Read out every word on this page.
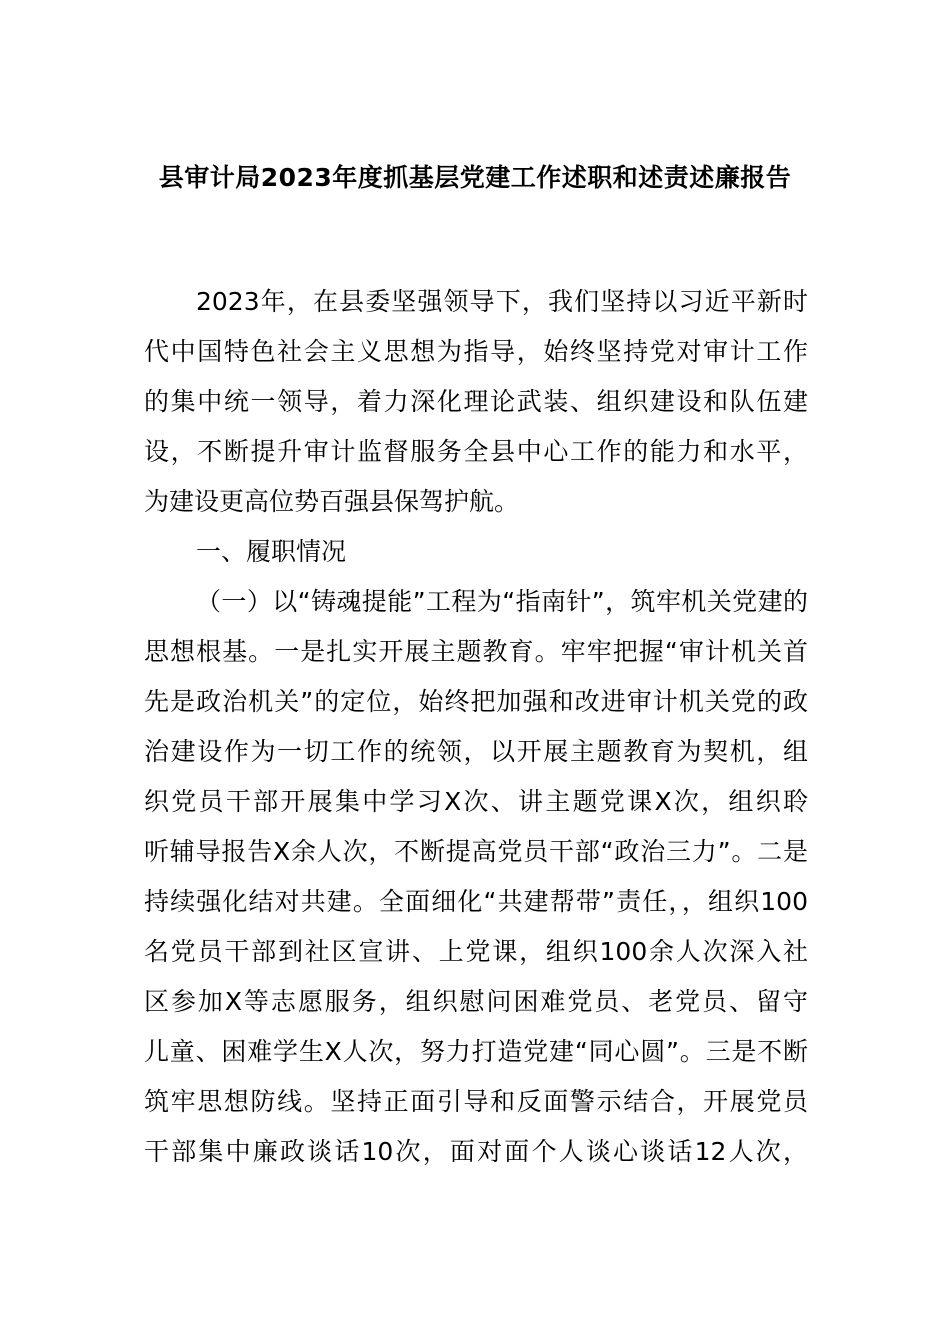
县审计局2023年度抓基层党建工作述职和述责述廉报告

2023年，在县委坚强领导下，我们坚持以习近平新时

代中国特色社会主义思想为指导，始终坚持党对审计工作

的集中统一领导，着力深化理论武装、组织建设和队伍建

设，不断提升审计监督服务全县中心工作的能力和水平，

为建设更高位势百强县保驾护航。

一、履职情况

（一）以“铸魂提能”工程为“指南针”，筑牢机关党建的

思想根基。一是扎实开展主题教育。牢牢把握“审计机关首

先是政治机关”的定位，始终把加强和改进审计机关党的政

治建设作为一切工作的统领，以开展主题教育为契机，组

织党员干部开展集中学习X次、讲主题党课X次，组织聆

听辅导报告X余人次，不断提高党员干部“政治三力”。二是

持续强化结对共建。全面细化“共建帮带”责任，，组织100

名党员干部到社区宣讲、上党课，组织100余人次深入社

区参加X等志愿服务，组织慰问困难党员、老党员、留守

儿童、困难学生X人次，努力打造党建“同心圆”。三是不断

筑牢思想防线。坚持正面引导和反面警示结合，开展党员

干部集中廉政谈话10次，面对面个人谈心谈话12人次，
